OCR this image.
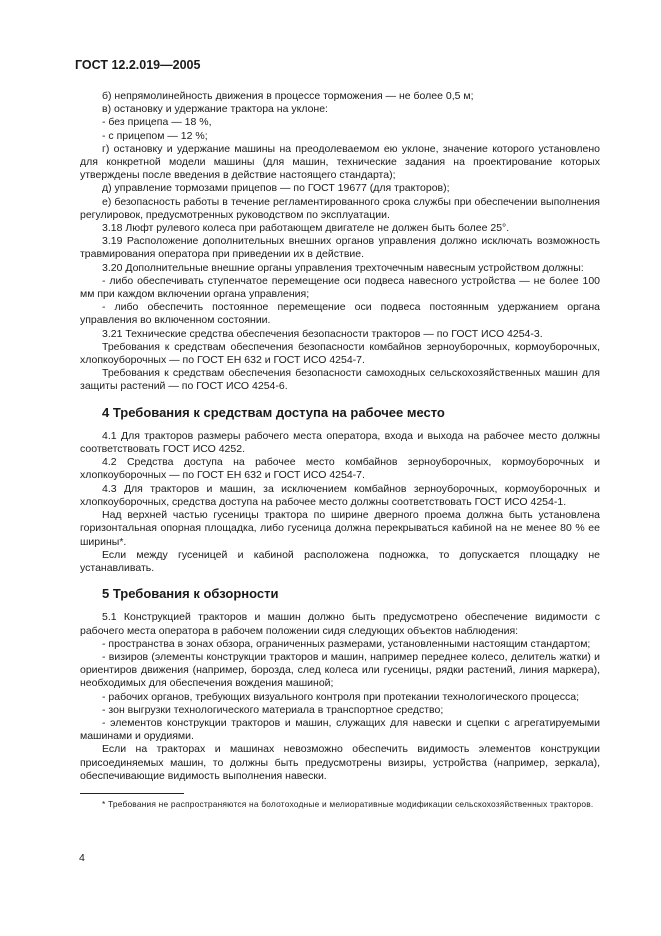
ГОСТ 12.2.019—2005

б) непрямолинейность движения в процессе торможения — не более 0,5 м;

в) остановку и удержание трактора на уклоне:

- без прицепа — 18 %,

- с прицепом — 12 %;

г) остановку и удержание машины на преодолеваемом ею уклоне, значение которого установлено для конкретной модели машины (для машин, технические задания на проектирование которых утверждены после введения в действие настоящего стандарта);

д) управление тормозами прицепов — по ГОСТ 19677 (для тракторов);

е) безопасность работы в течение регламентированного срока службы при обеспечении выполнения регулировок, предусмотренных руководством по эксплуатации.

3.18 Люфт рулевого колеса при работающем двигателе не должен быть более 25°.

3.19 Расположение дополнительных внешних органов управления должно исключать возможность травмирования оператора при приведении их в действие.

3.20 Дополнительные внешние органы управления трехточечным навесным устройством должны:

- либо обеспечивать ступенчатое перемещение оси подвеса навесного устройства — не более 100 мм при каждом включении органа управления;

- либо обеспечить постоянное перемещение оси подвеса постоянным удержанием органа управления во включенном состоянии.

3.21 Технические средства обеспечения безопасности тракторов — по ГОСТ ИСО 4254-3.

Требования к средствам обеспечения безопасности комбайнов зерноуборочных, кормоуборочных, хлопкоуборочных — по ГОСТ ЕН 632 и ГОСТ ИСО 4254-7.

Требования к средствам обеспечения безопасности самоходных сельскохозяйственных машин для защиты растений — по ГОСТ ИСО 4254-6.

4 Требования к средствам доступа на рабочее место

4.1 Для тракторов размеры рабочего места оператора, входа и выхода на рабочее место должны соответствовать ГОСТ ИСО 4252.

4.2 Средства доступа на рабочее место комбайнов зерноуборочных, кормоуборочных и хлопкоуборочных — по ГОСТ ЕН 632 и ГОСТ ИСО 4254-7.

4.3 Для тракторов и машин, за исключением комбайнов зерноуборочных, кормоуборочных и хлопкоуборочных, средства доступа на рабочее место должны соответствовать ГОСТ ИСО 4254-1.

Над верхней частью гусеницы трактора по ширине дверного проема должна быть установлена горизонтальная опорная площадка, либо гусеница должна перекрываться кабиной на не менее 80 % ее ширины*.

Если между гусеницей и кабиной расположена подножка, то допускается площадку не устанавливать.

5 Требования к обзорности

5.1 Конструкцией тракторов и машин должно быть предусмотрено обеспечение видимости с рабочего места оператора в рабочем положении сидя следующих объектов наблюдения:

- пространства в зонах обзора, ограниченных размерами, установленными настоящим стандартом;

- визиров (элементы конструкции тракторов и машин, например переднее колесо, делитель жатки) и ориентиров движения (например, борозда, след колеса или гусеницы, рядки растений, линия маркера), необходимых для обеспечения вождения машиной;

- рабочих органов, требующих визуального контроля при протекании технологического процесса;

- зон выгрузки технологического материала в транспортное средство;

- элементов конструкции тракторов и машин, служащих для навески и сцепки с агрегатируемыми машинами и орудиями.

Если на тракторах и машинах невозможно обеспечить видимость элементов конструкции присоединяемых машин, то должны быть предусмотрены визиры, устройства (например, зеркала), обеспечивающие видимость выполнения навески.

* Требования не распространяются на болотоходные и мелиоративные модификации сельскохозяйственных тракторов.

4
